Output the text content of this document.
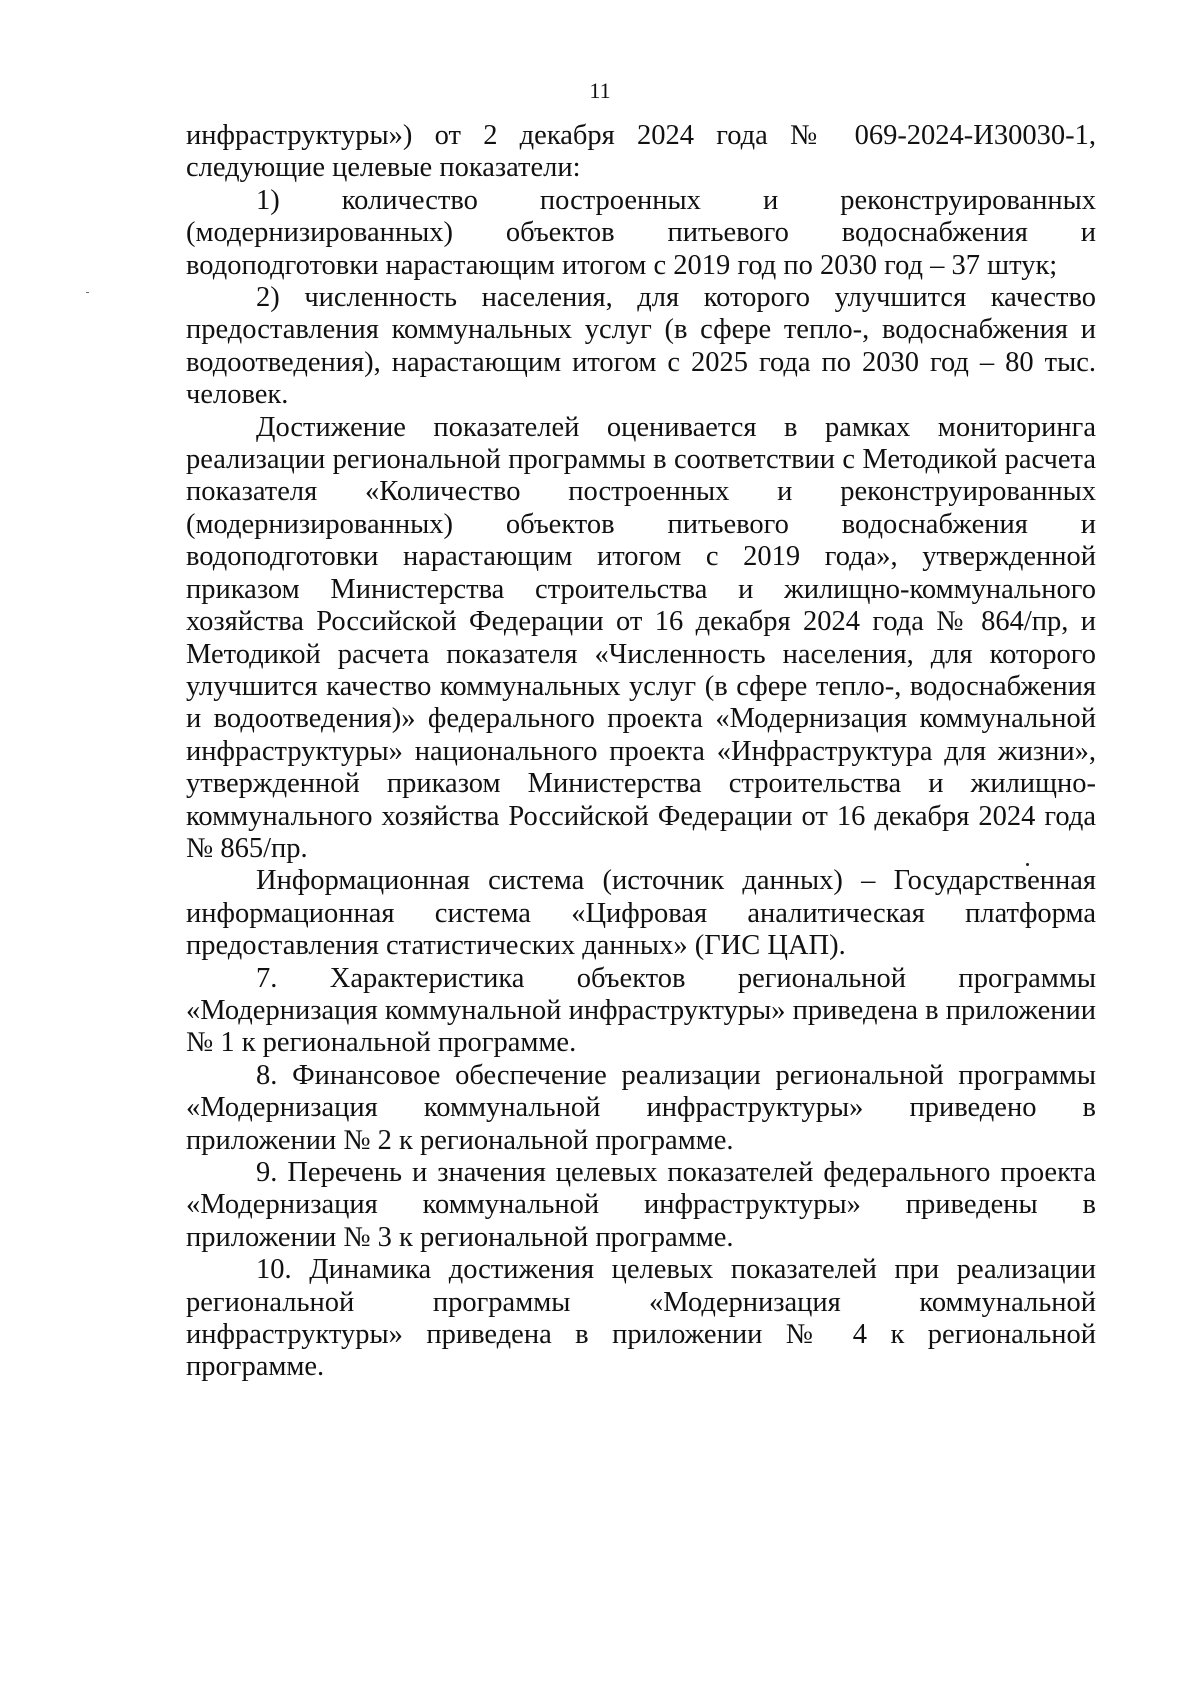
11

инфраструктуры») от 2 декабря 2024 года № 069-2024-И30030-1, следующие целевые показатели:

1) количество построенных и реконструированных (модернизированных) объектов питьевого водоснабжения и водоподготовки нарастающим итогом с 2019 год по 2030 год – 37 штук;

2) численность населения, для которого улучшится качество предоставления коммунальных услуг (в сфере тепло-, водоснабжения и водоотведения), нарастающим итогом с 2025 года по 2030 год – 80 тыс. человек.

Достижение показателей оценивается в рамках мониторинга реализации региональной программы в соответствии с Методикой расчета показателя «Количество построенных и реконструированных (модернизированных) объектов питьевого водоснабжения и водоподготовки нарастающим итогом с 2019 года», утвержденной приказом Министерства строительства и жилищно-коммунального хозяйства Российской Федерации от 16 декабря 2024 года № 864/пр, и Методикой расчета показателя «Численность населения, для которого улучшится качество коммунальных услуг (в сфере тепло-, водоснабжения и водоотведения)» федерального проекта «Модернизация коммунальной инфраструктуры» национального проекта «Инфраструктура для жизни», утвержденной приказом Министерства строительства и жилищно-коммунального хозяйства Российской Федерации от 16 декабря 2024 года № 865/пр.

Информационная система (источник данных) – Государственная информационная система «Цифровая аналитическая платформа предоставления статистических данных» (ГИС ЦАП).

7. Характеристика объектов региональной программы «Модернизация коммунальной инфраструктуры» приведена в приложении № 1 к региональной программе.

8. Финансовое обеспечение реализации региональной программы «Модернизация коммунальной инфраструктуры» приведено в приложении № 2 к региональной программе.

9. Перечень и значения целевых показателей федерального проекта «Модернизация коммунальной инфраструктуры» приведены в приложении № 3 к региональной программе.

10. Динамика достижения целевых показателей при реализации региональной программы «Модернизация коммунальной инфраструктуры» приведена в приложении № 4 к региональной программе.
